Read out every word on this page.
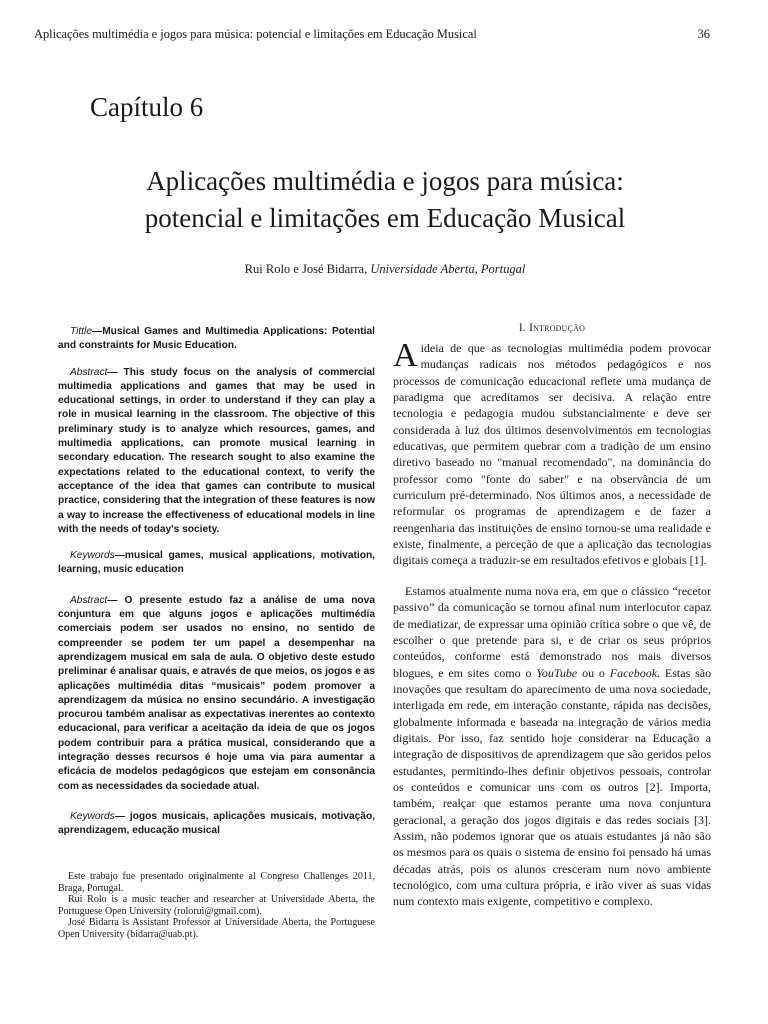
Aplicações multimédia e jogos para música: potencial e limitações em Educação Musical	36
Capítulo 6
Aplicações multimédia e jogos para música:
potencial e limitações em Educação Musical
Rui Rolo e José Bidarra, Universidade Aberta, Portugal

Tittle—Musical Games and Multimedia Applications: Potential and constraints for Music Education.

Abstract— This study focus on the analysis of commercial multimedia applications and games that may be used in educational settings, in order to understand if they can play a role in musical learning in the classroom. The objective of this preliminary study is to analyze which resources, games, and multimedia applications, can promote musical learning in secondary education. The research sought to also examine the expectations related to the educational context, to verify the acceptance of the idea that games can contribute to musical practice, considering that the integration of these features is now a way to increase the effectiveness of educational models in line with the needs of today's society.

Keywords—musical games, musical applications, motivation, learning, music education

Abstract— O presente estudo faz a análise de uma nova conjuntura em que alguns jogos e aplicações multimédia comerciais podem ser usados no ensino, no sentido de compreender se podem ter um papel a desempenhar na aprendizagem musical em sala de aula. O objetivo deste estudo preliminar é analisar quais, e através de que meios, os jogos e as aplicações multimédia ditas “musicais” podem promover a aprendizagem da música no ensino secundário. A investigação procurou também analisar as expectativas inerentes ao contexto educacional, para verificar a aceitação da ideia de que os jogos podem contribuir para a prática musical, considerando que a integração desses recursos é hoje uma via para aumentar a eficácia de modelos pedagógicos que estejam em consonância com as necessidades da sociedade atual.

Keywords— jogos musicais, aplicações musicais, motivação, aprendizagem, educação musical

Este trabajo fue presentado originalmente al Congreso Challenges 2011, Braga, Portugal.

Rui Rolo is a music teacher and researcher at Universidade Aberta, the Portuguese Open University (rolorui@gmail.com).

José Bidarra is Assistant Professor at Universidade Aberta, the Portuguese Open University (bidarra@uab.pt).

I. Introdução

Aideia de que as tecnologias multimédia podem provocar mudanças radicais nos métodos pedagógicos e nos processos de comunicação educacional reflete uma mudança de paradigma que acreditamos ser decisiva. A relação entre tecnologia e pedagogia mudou substancialmente e deve ser considerada à luz dos últimos desenvolvimentos em tecnologias educativas, que permitem quebrar com a tradição de um ensino diretivo baseado no "manual recomendado", na dominância do professor como "fonte do saber" e na observância de um curriculum pré-determinado. Nos últimos anos, a necessidade de reformular os programas de aprendizagem e de fazer a reengenharia das instituições de ensino tornou-se uma realidade e existe, finalmente, a perceção de que a aplicação das tecnologias digitais começa a traduzir-se em resultados efetivos e globais [1].

Estamos atualmente numa nova era, em que o clássico “recetor passivo” da comunicação se tornou afinal num interlocutor capaz de mediatizar, de expressar uma opinião crítica sobre o que vê, de escolher o que pretende para si, e de criar os seus próprios conteúdos, conforme está demonstrado nos mais diversos blogues, e em sites como o YouTube ou o Facebook. Estas são inovações que resultam do aparecimento de uma nova sociedade, interligada em rede, em interação constante, rápida nas decisões, globalmente informada e baseada na integração de vários media digitais. Por isso, faz sentido hoje considerar na Educação a integração de dispositivos de aprendizagem que são geridos pelos estudantes, permitindo-lhes definir objetivos pessoais, controlar os conteúdos e comunicar uns com os outros [2]. Importa, também, realçar que estamos perante uma nova conjuntura geracional, a geração dos jogos digitais e das redes sociais [3]. Assim, não podemos ignorar que os atuais estudantes já não são os mesmos para os quais o sistema de ensino foi pensado há umas décadas atrás, pois os alunos cresceram num novo ambiente tecnológico, com uma cultura própria, e irão viver as suas vidas num contexto mais exigente, competitivo e complexo.
